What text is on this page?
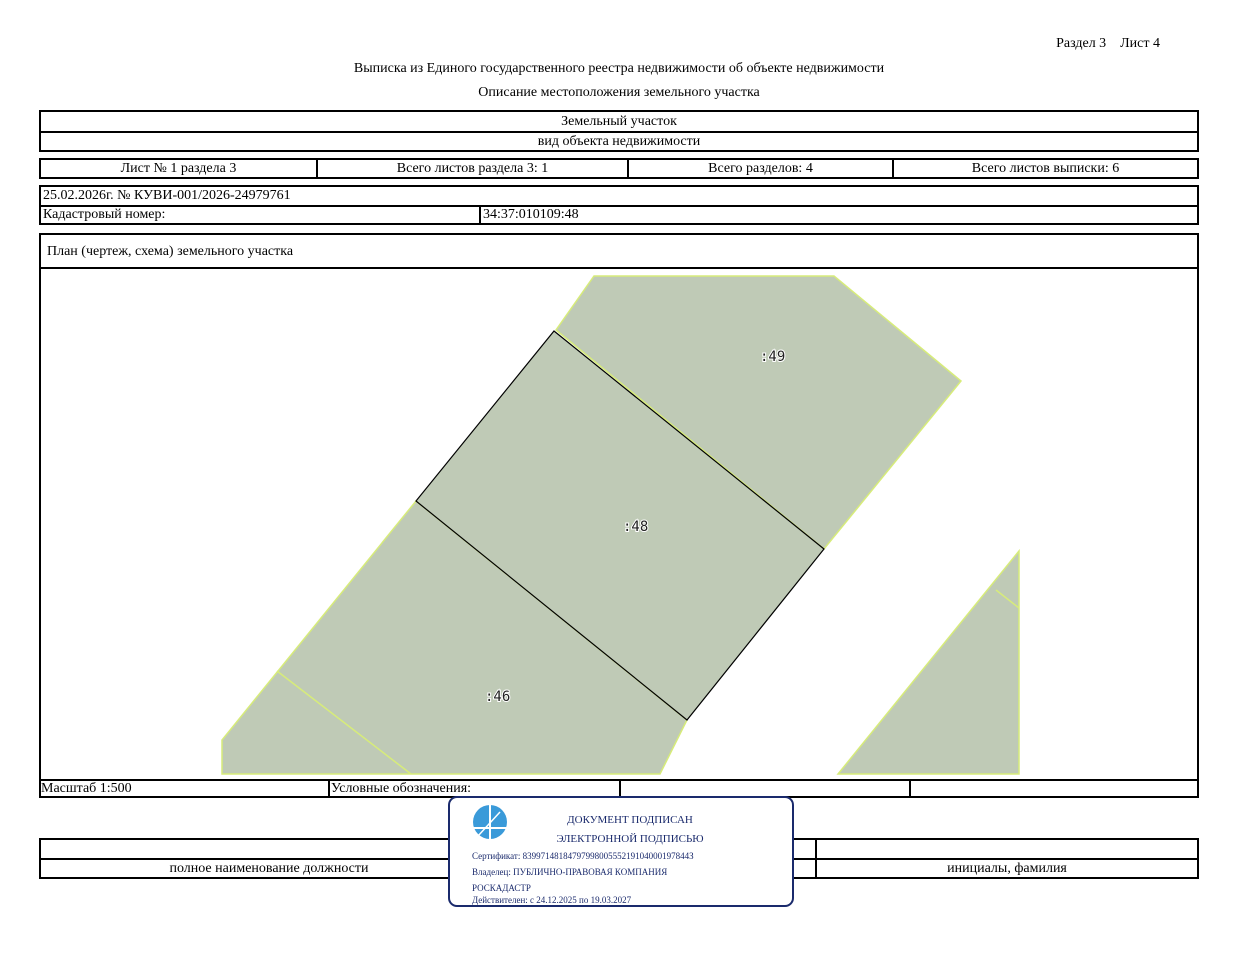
Раздел 3    Лист 4
Выписка из Единого государственного реестра недвижимости об объекте недвижимости
Описание местоположения земельного участка
Земельный участок
вид объекта недвижимости
Лист № 1 раздела 3	Всего листов раздела 3: 1	Всего разделов: 4	Всего листов выписки: 6
25.02.2026г. № КУВИ-001/2026-24979761
Кадастровый номер:	34:37:010109:48
План (чертеж, схема) земельного участка
:49
:48
:46
Масштаб 1:500	Условные обозначения:
полное наименование должности	инициалы, фамилия
ДОКУМЕНТ ПОДПИСАН
ЭЛЕКТРОННОЙ ПОДПИСЬЮ
Сертификат: 8399714818479799800555219104000197844З
Владелец: ПУБЛИЧНО-ПРАВОВАЯ КОМПАНИЯ
РОСКАДАСТР
Действителен: с 24.12.2025 по 19.03.2027
